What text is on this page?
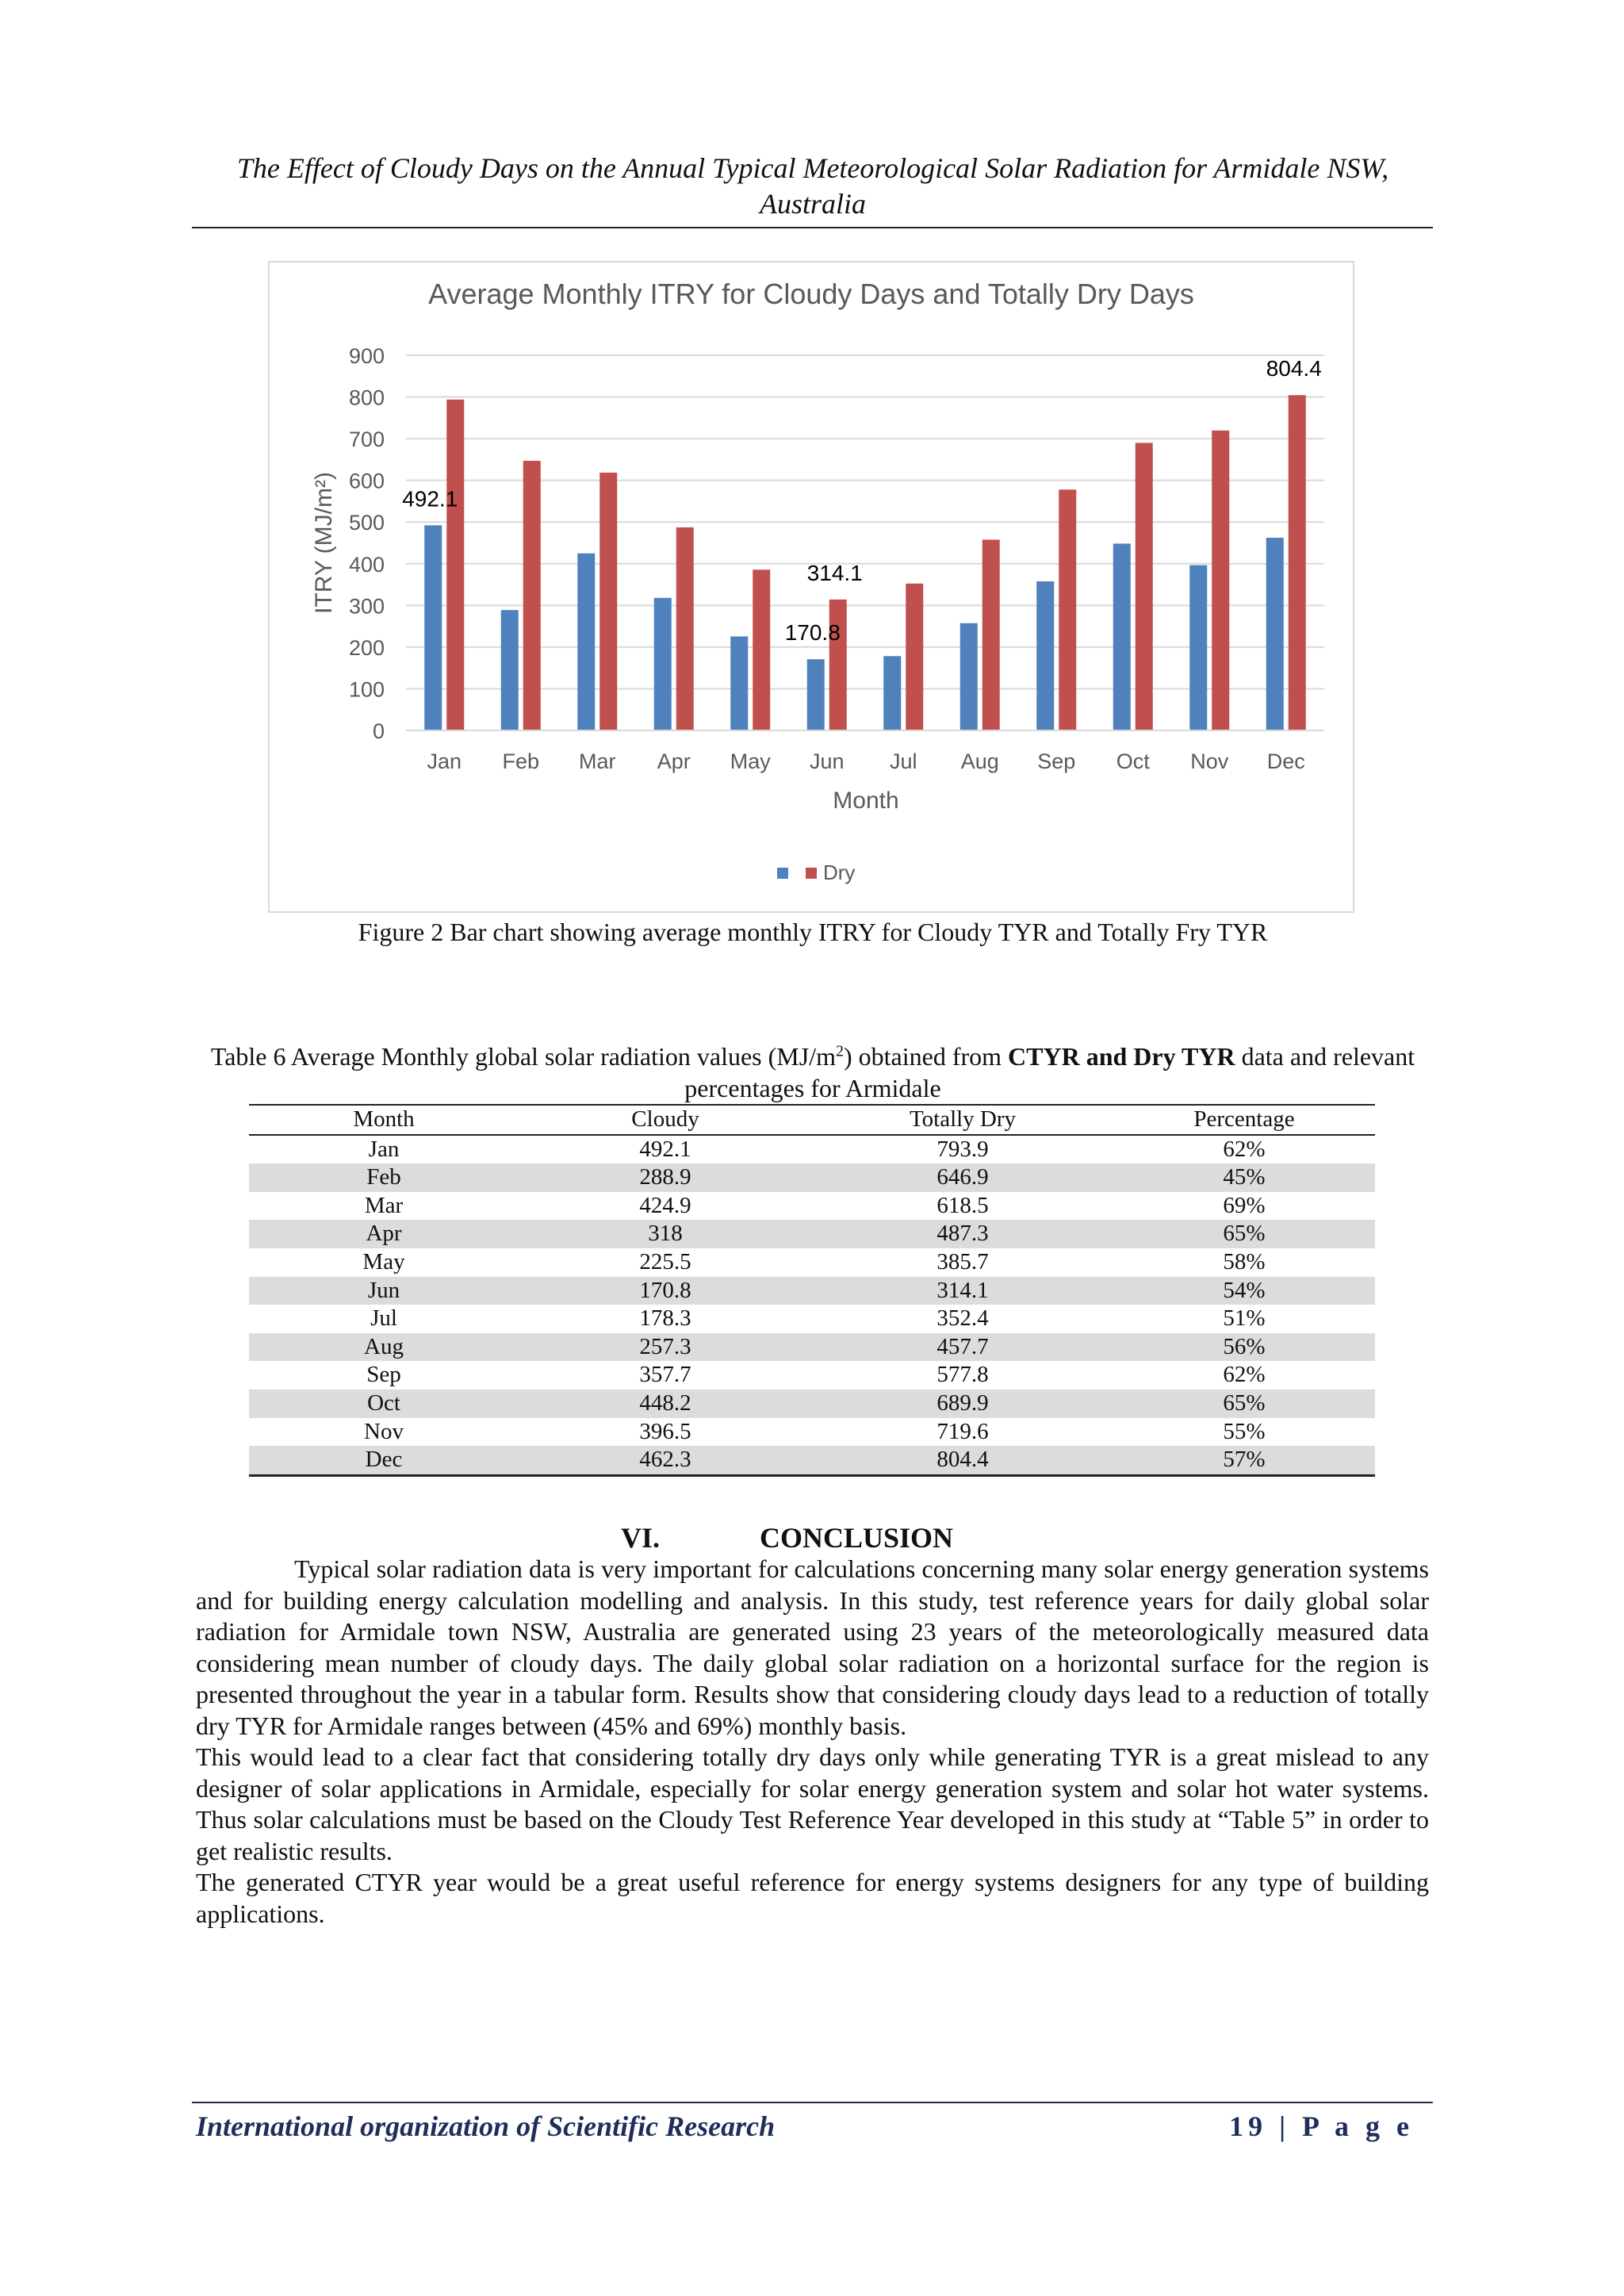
The Effect of Cloudy Days on the Annual Typical Meteorological Solar Radiation for Armidale NSW, Australia
Average Monthly ITRY for Cloudy Days and Totally Dry Days
0
100
200
300
400
500
600
700
800
900
ITRY (MJ/m²)
Jan Feb Mar Apr May Jun Jul Aug Sep Oct Nov Dec
492.1
170.8
314.1
804.4
Month
Dry
Figure 2 Bar chart showing average monthly ITRY for Cloudy TYR and Totally Fry TYR
Table 6 Average Monthly global solar radiation values $(MJ/m^2)$ obtained from CTYR and Dry TYR data and relevant percentages for Armidale
Month	Cloudy	Totally Dry	Percentage
Jan	492.1	793.9	62%
Feb	288.9	646.9	45%
Mar	424.9	618.5	69%
Apr	318	487.3	65%
May	225.5	385.7	58%
Jun	170.8	314.1	54%
Jul	178.3	352.4	51%
Aug	257.3	457.7	56%
Sep	357.7	577.8	62%
Oct	448.2	689.9	65%
Nov	396.5	719.6	55%
Dec	462.3	804.4	57%
VI.	CONCLUSION

Typical solar radiation data is very important for calculations concerning many solar energy generation systems and for building energy calculation modelling and analysis. In this study, test reference years for daily global solar radiation for Armidale town NSW, Australia are generated using 23 years of the meteorologically measured data considering mean number of cloudy days. The daily global solar radiation on a horizontal surface for the region is presented throughout the year in a tabular form. Results show that considering cloudy days lead to a reduction of totally dry TYR for Armidale ranges between (45% and 69%) monthly basis.

This would lead to a clear fact that considering totally dry days only while generating TYR is a great mislead to any designer of solar applications in Armidale, especially for solar energy generation system and solar hot water systems. Thus solar calculations must be based on the Cloudy Test Reference Year developed in this study at “Table 5” in order to get realistic results.

The generated CTYR year would be a great useful reference for energy systems designers for any type of building applications.

International organization of Scientific Research	19 | P a g e
